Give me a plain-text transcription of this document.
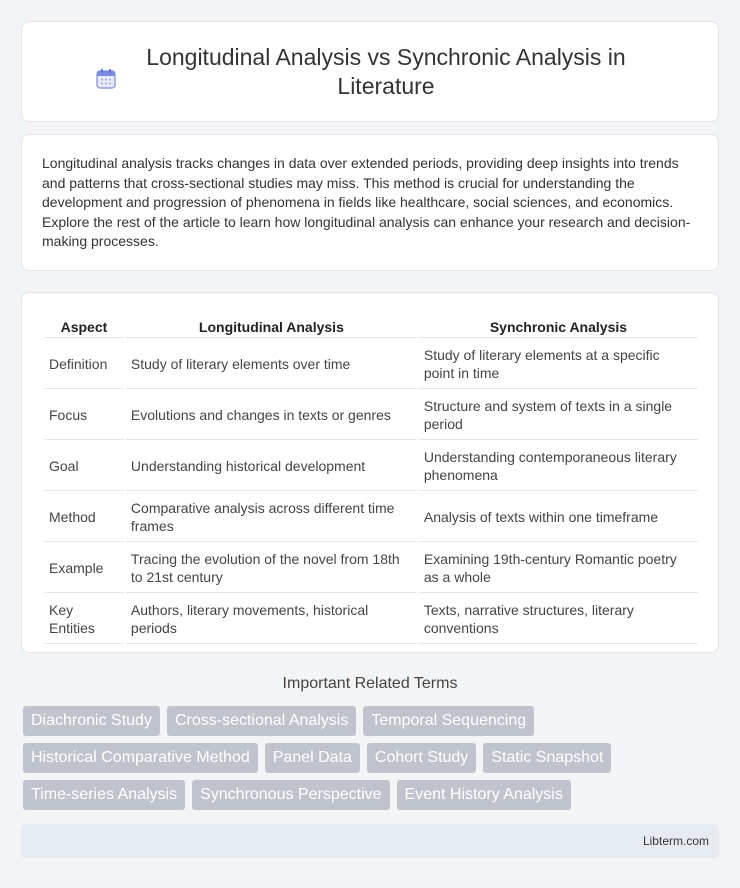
Longitudinal Analysis vs Synchronic Analysis in Literature

Longitudinal analysis tracks changes in data over extended periods, providing deep insights into trends and patterns that cross-sectional studies may miss. This method is crucial for understanding the development and progression of phenomena in fields like healthcare, social sciences, and economics. Explore the rest of the article to learn how longitudinal analysis can enhance your research and decision-making processes.

Aspect	Longitudinal Analysis	Synchronic Analysis
Definition	Study of literary elements over time	Study of literary elements at a specific point in time
Focus	Evolutions and changes in texts or genres	Structure and system of texts in a single period
Goal	Understanding historical development	Understanding contemporaneous literary phenomena
Method	Comparative analysis across different time frames	Analysis of texts within one timeframe
Example	Tracing the evolution of the novel from 18th to 21st century	Examining 19th-century Romantic poetry as a whole
Key Entities	Authors, literary movements, historical periods	Texts, narrative structures, literary conventions
Important Related Terms
Diachronic Study	Cross-sectional Analysis	Temporal Sequencing
Historical Comparative Method	Panel Data	Cohort Study	Static Snapshot
Time-series Analysis	Synchronous Perspective	Event History Analysis
Libterm.com
